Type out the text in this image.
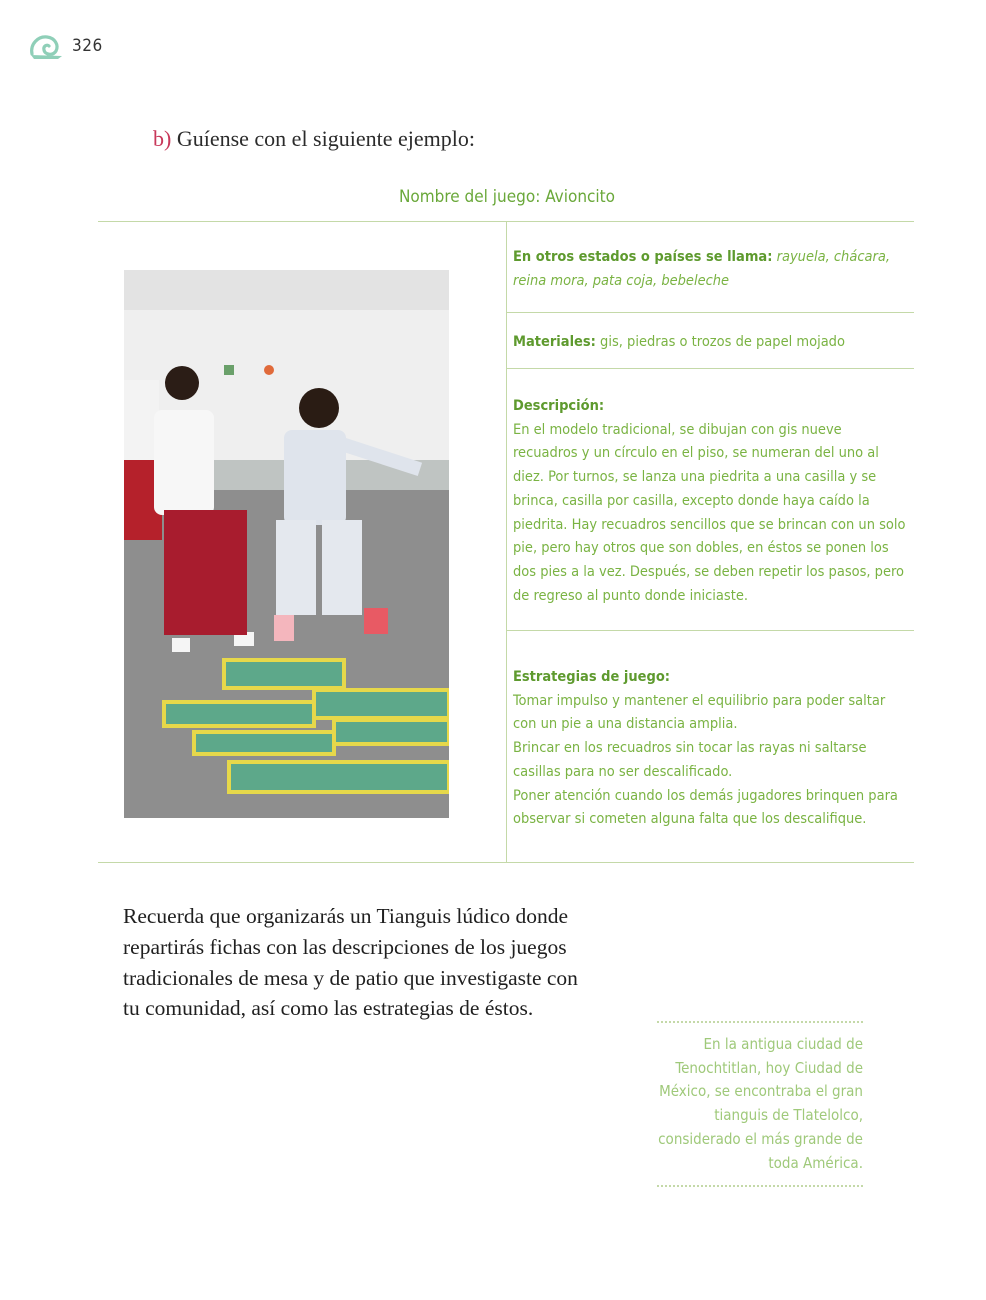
326
b) Guíense con el siguiente ejemplo:
Nombre del juego: Avioncito

En otros estados o países se llama: rayuela, chácara, reina mora, pata coja, bebeleche

Materiales: gis, piedras o trozos de papel mojado

Descripción:

En el modelo tradicional, se dibujan con gis nueve recuadros y un círculo en el piso, se numeran del uno al diez. Por turnos, se lanza una piedrita a una casilla y se brinca, casilla por casilla, excepto donde haya caído la piedrita. Hay recuadros sencillos que se brincan con un solo pie, pero hay otros que son dobles, en éstos se ponen los dos pies a la vez. Después, se deben repetir los pasos, pero de regreso al punto donde iniciaste.

Estrategias de juego:

Tomar impulso y mantener el equilibrio para poder saltar con un pie a una distancia amplia.

Brincar en los recuadros sin tocar las rayas ni saltarse casillas para no ser descalificado.

Poner atención cuando los demás jugadores brinquen para observar si cometen alguna falta que los descalifique.

Recuerda que organizarás un Tianguis lúdico donde repartirás fichas con las descripciones de los juegos tradicionales de mesa y de patio que investigaste con tu comunidad, así como las estrategias de éstos.
En la antigua ciudad de Tenochtitlan, hoy Ciudad de México, se encontraba el gran tianguis de Tlatelolco, considerado el más grande de toda América.
